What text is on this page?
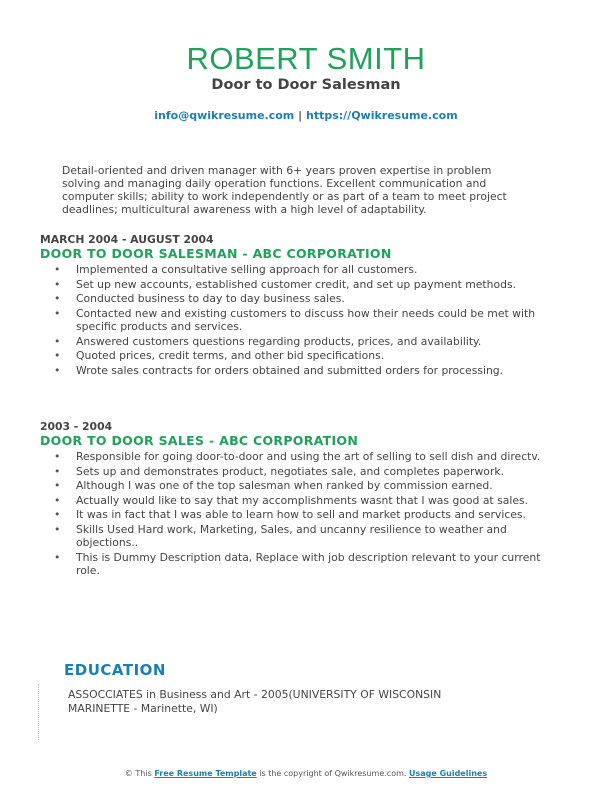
ROBERT SMITH
Door to Door Salesman
info@qwikresume.com | https://Qwikresume.com
Detail-oriented and driven manager with 6+ years proven expertise in problem solving and managing daily operation functions. Excellent communication and computer skills; ability to work independently or as part of a team to meet project deadlines; multicultural awareness with a high level of adaptability.
MARCH 2004 - AUGUST 2004
DOOR TO DOOR SALESMAN - ABC CORPORATION
• Implemented a consultative selling approach for all customers.
• Set up new accounts, established customer credit, and set up payment methods.
• Conducted business to day to day business sales.
• Contacted new and existing customers to discuss how their needs could be met with specific products and services.
• Answered customers questions regarding products, prices, and availability.
• Quoted prices, credit terms, and other bid specifications.
• Wrote sales contracts for orders obtained and submitted orders for processing.
2003 - 2004
DOOR TO DOOR SALES - ABC CORPORATION
• Responsible for going door-to-door and using the art of selling to sell dish and directv.
• Sets up and demonstrates product, negotiates sale, and completes paperwork.
• Although I was one of the top salesman when ranked by commission earned.
• Actually would like to say that my accomplishments wasnt that I was good at sales.
• It was in fact that I was able to learn how to sell and market products and services.
• Skills Used Hard work, Marketing, Sales, and uncanny resilience to weather and objections..
• This is Dummy Description data, Replace with job description relevant to your current role.
EDUCATION
ASSOCCIATES in Business and Art - 2005(UNIVERSITY OF WISCONSIN MARINETTE - Marinette, WI)
© This Free Resume Template is the copyright of Qwikresume.com. Usage Guidelines
